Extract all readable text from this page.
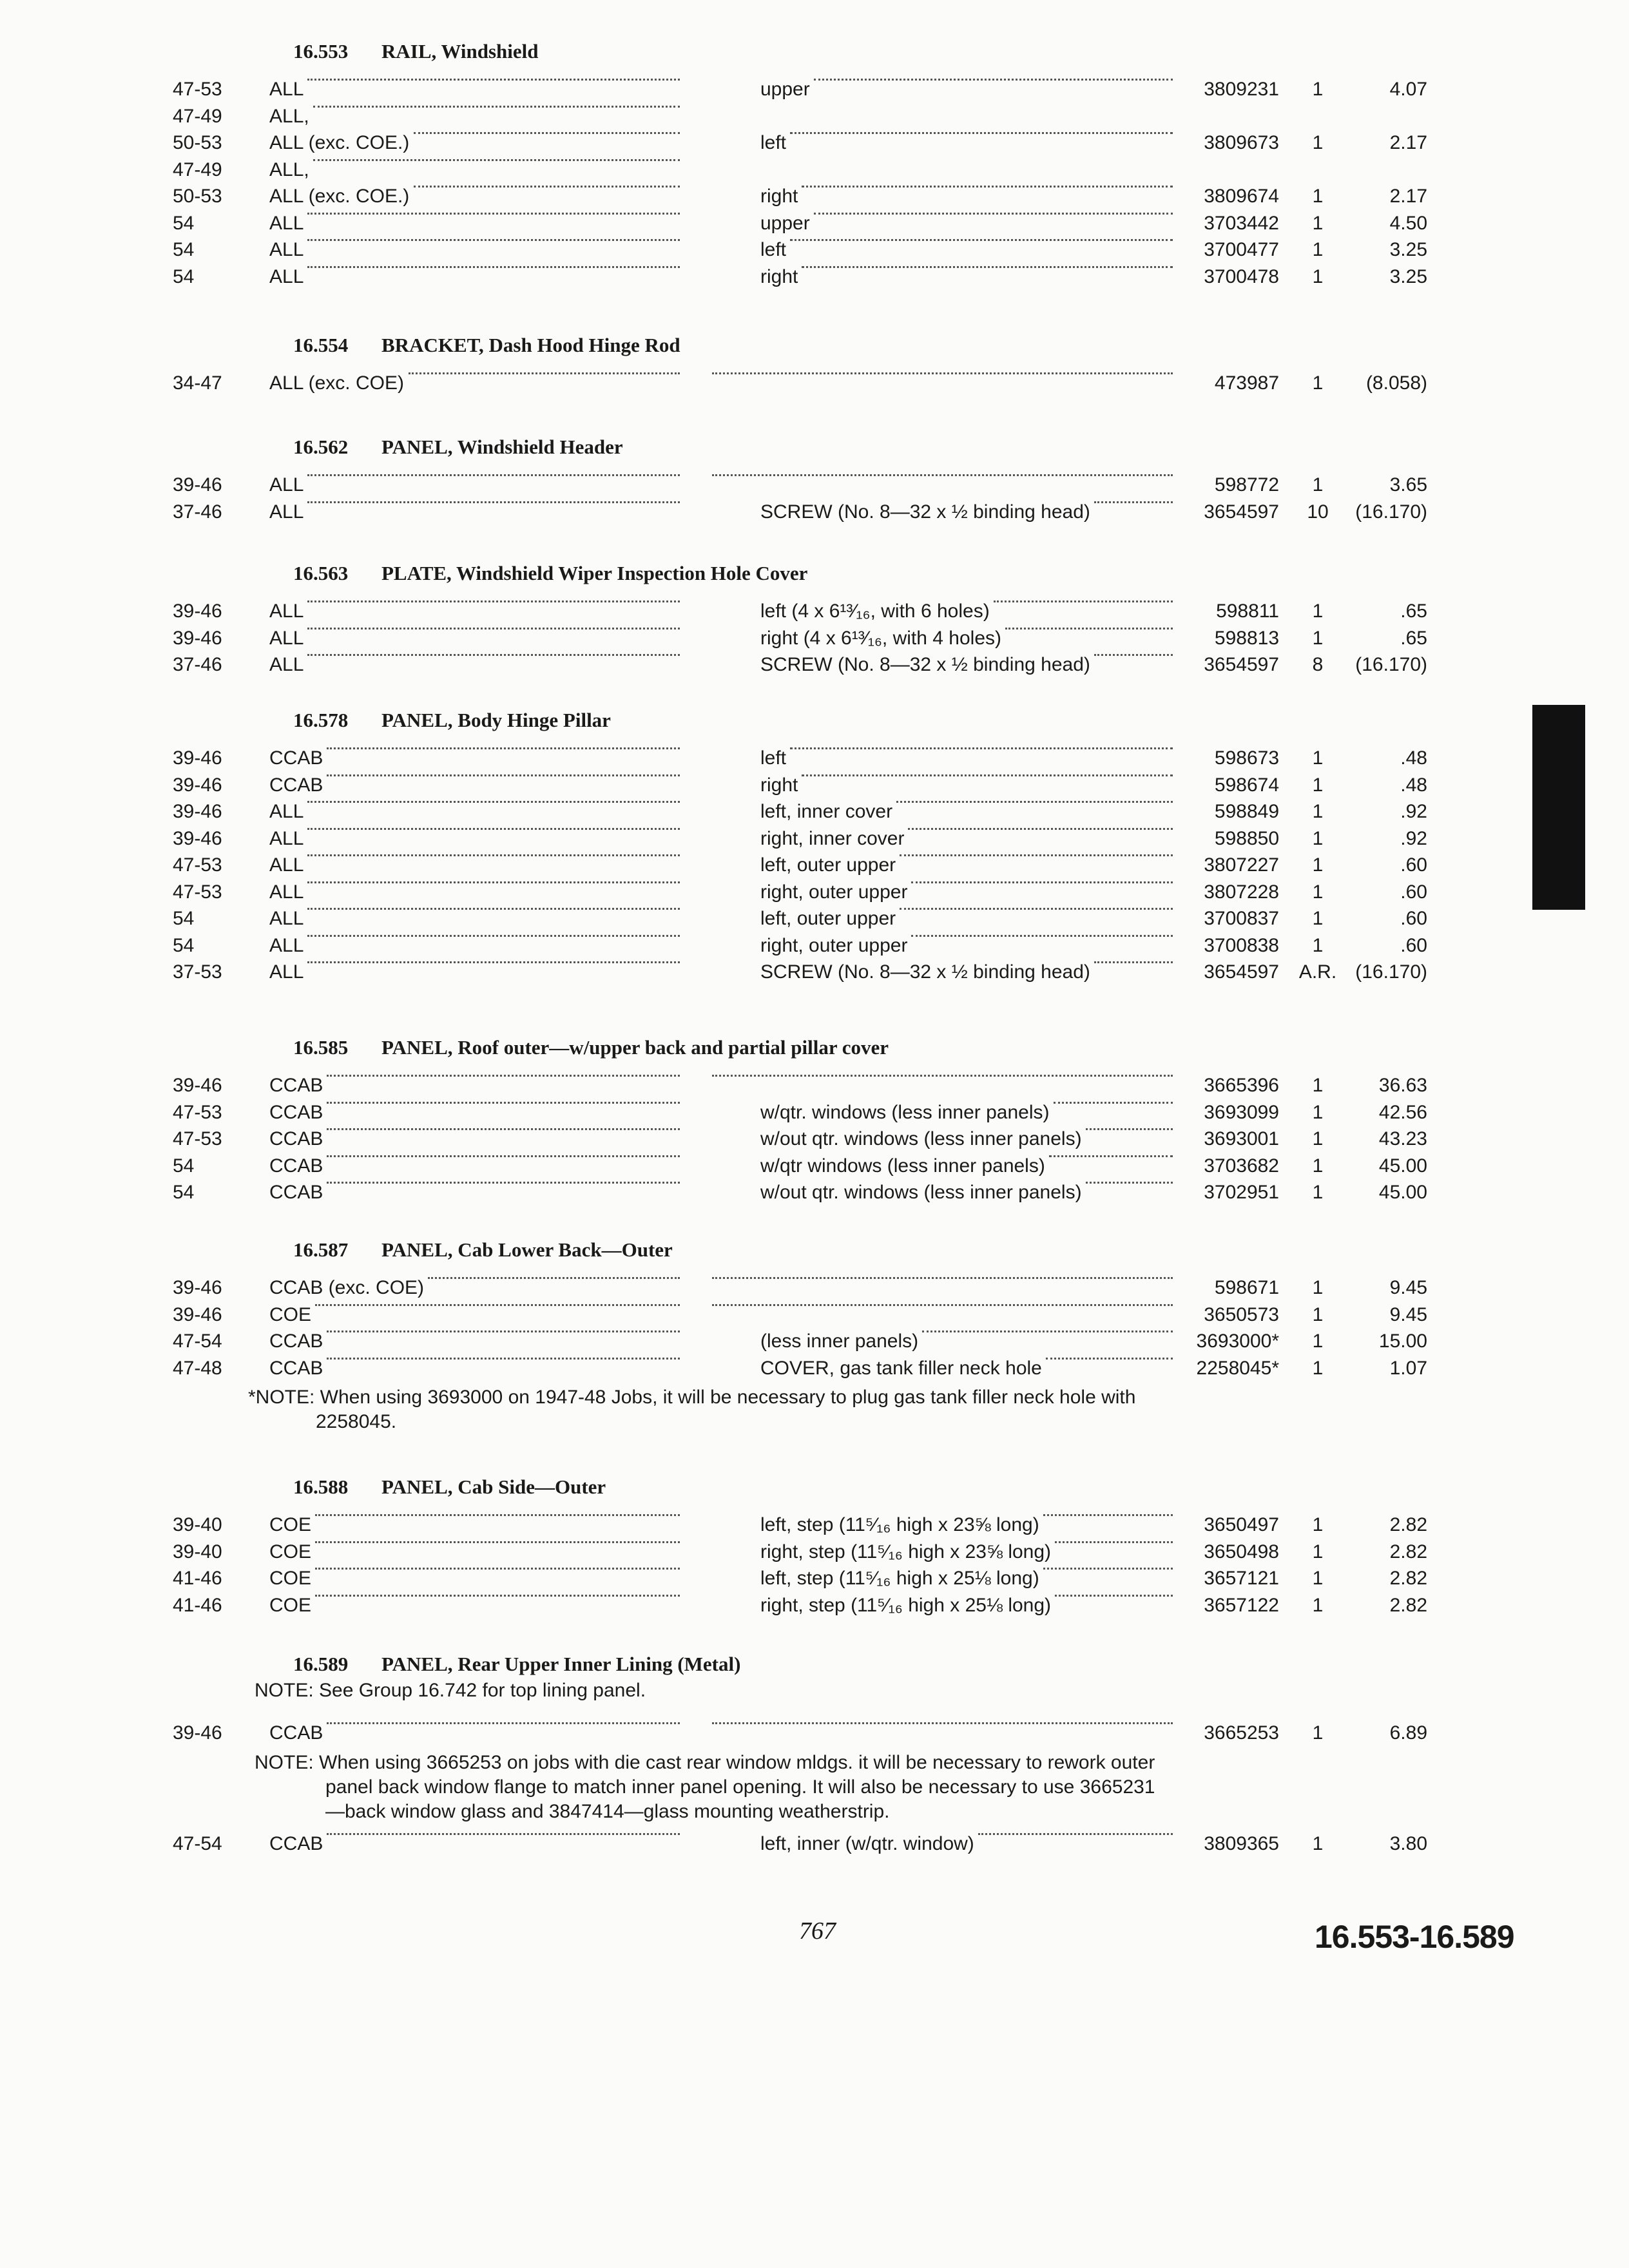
16.553 RAIL, Windshield
47-53 ALL	upper	3809231	1	4.07
47-49 ALL,
50-53 ALL (exc. COE.)	left	3809673	1	2.17
47-49 ALL,
50-53 ALL (exc. COE.)	right	3809674	1	2.17
54	ALL	upper	3703442	1	4.50
54	ALL	left	3700477	1	3.25
54	ALL	right	3700478	1	3.25
16.554 BRACKET, Dash Hood Hinge Rod
34-47 ALL (exc. COE)	473987	1	(8.058)
16.562 PANEL, Windshield Header
39-46 ALL	598772	1	3.65
37-46 ALL	SCREW (No. 8—32 x ½ binding head)	3654597	10	(16.170)
16.563 PLATE, Windshield Wiper Inspection Hole Cover
39-46 ALL	left (4 x 6¹³⁄₁₆, with 6 holes)	598811	1	.65
39-46 ALL	right (4 x 6¹³⁄₁₆, with 4 holes)	598813	1	.65
37-46 ALL	SCREW (No. 8—32 x ½ binding head)	3654597	8	(16.170)
16.578 PANEL, Body Hinge Pillar
39-46 CCAB	left	598673	1	.48
39-46 CCAB	right	598674	1	.48
39-46 ALL	left, inner cover	598849	1	.92
39-46 ALL	right, inner cover	598850	1	.92
47-53 ALL	left, outer upper	3807227	1	.60
47-53 ALL	right, outer upper	3807228	1	.60
54	ALL	left, outer upper	3700837	1	.60
54	ALL	right, outer upper	3700838	1	.60
37-53 ALL	SCREW (No. 8—32 x ½ binding head)	3654597	A.R. (16.170)
16.585 PANEL, Roof outer—w/upper back and partial pillar cover
39-46 CCAB	3665396	1	36.63
47-53 CCAB	w/qtr. windows (less inner panels)	3693099	1	42.56
47-53 CCAB	w/out qtr. windows (less inner panels)	3693001	1	43.23
54	CCAB	w/qtr windows (less inner panels)	3703682	1	45.00
54	CCAB	w/out qtr. windows (less inner panels)	3702951	1	45.00
16.587 PANEL, Cab Lower Back—Outer
39-46 CCAB (exc. COE)	598671	1	9.45
39-46 COE	3650573	1	9.45
47-54 CCAB	(less inner panels)	3693000*	1	15.00
47-48 CCAB	COVER, gas tank filler neck hole	2258045*	1	1.07
*NOTE: When using 3693000 on 1947-48 Jobs, it will be necessary to plug gas tank filler neck hole with 2258045.
16.588 PANEL, Cab Side—Outer
39-40 COE	left, step (11⁵⁄₁₆ high x 23⅝ long)	3650497	1	2.82
39-40 COE	right, step (11⁵⁄₁₆ high x 23⅝ long)	3650498	1	2.82
41-46 COE	left, step (11⁵⁄₁₆ high x 25⅛ long)	3657121	1	2.82
41-46 COE	right, step (11⁵⁄₁₆ high x 25⅛ long)	3657122	1	2.82
16.589 PANEL, Rear Upper Inner Lining (Metal)
NOTE: See Group 16.742 for top lining panel.
39-46 CCAB	3665253	1	6.89
NOTE: When using 3665253 on jobs with die cast rear window mldgs. it will be necessary to rework outer panel back window flange to match inner panel opening. It will also be necessary to use 3665231—back window glass and 3847414—glass mounting weatherstrip.
47-54 CCAB	left, inner (w/qtr. window)	3809365	1	3.80
767	16.553-16.589
